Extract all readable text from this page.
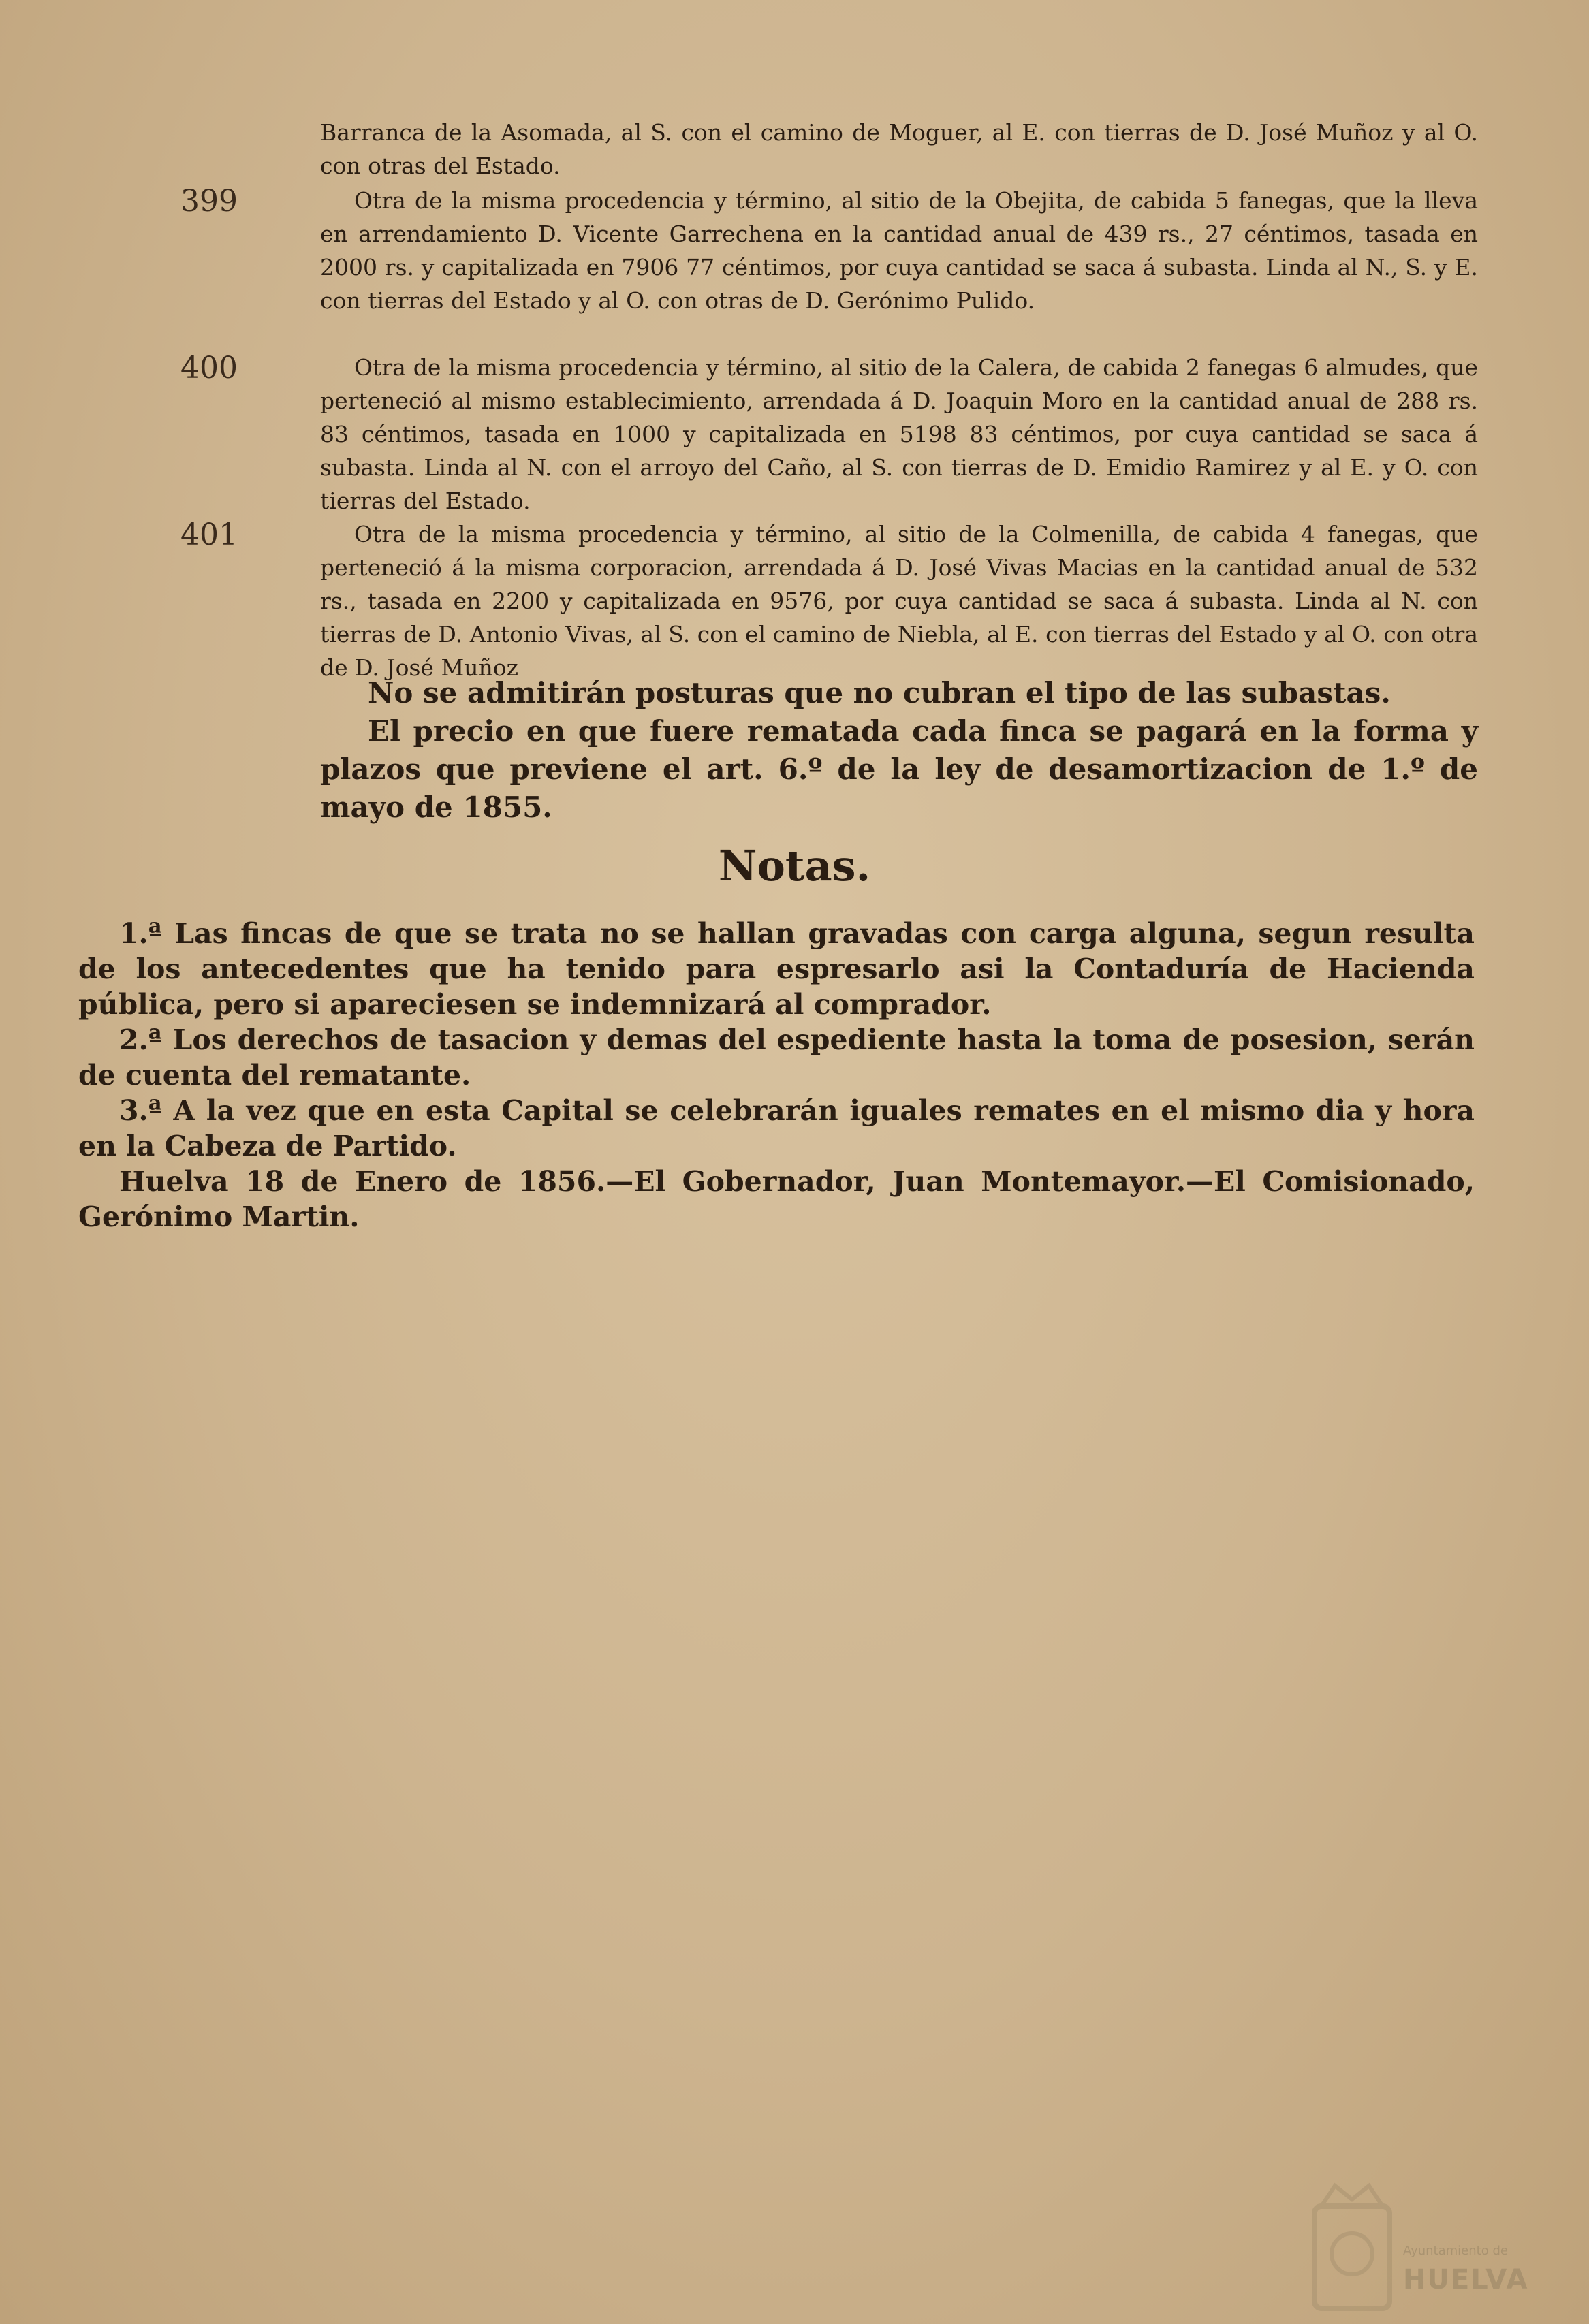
Barranca de la Asomada, al S. con el camino de Moguer, al E. con tierras de D. José Muñoz y al O. con otras del Estado.

399	Otra de la misma procedencia y término, al sitio de la Obejita, de cabida 5 fanegas, que la lleva en arrendamiento D. Vicente Garrechena en la cantidad anual de 439 rs., 27 céntimos, tasada en 2000 rs. y capitalizada en 7906 77 céntimos, por cuya cantidad se saca á subasta. Linda al N., S. y E. con tierras del Estado y al O. con otras de D. Gerónimo Pulido.

400	Otra de la misma procedencia y término, al sitio de la Calera, de cabida 2 fanegas 6 almudes, que perteneció al mismo establecimiento, arrendada á D. Joaquin Moro en la cantidad anual de 288 rs. 83 céntimos, tasada en 1000 y capitalizada en 5198 83 céntimos, por cuya cantidad se saca á subasta. Linda al N. con el arroyo del Caño, al S. con tierras de D. Emidio Ramirez y al E. y O. con tierras del Estado.

401	Otra de la misma procedencia y término, al sitio de la Colmenilla, de cabida 4 fanegas, que perteneció á la misma corporacion, arrendada á D. José Vivas Macias en la cantidad anual de 532 rs., tasada en 2200 y capitalizada en 9576, por cuya cantidad se saca á subasta. Linda al N. con tierras de D. Antonio Vivas, al S. con el camino de Niebla, al E. con tierras del Estado y al O. con otra de D. José Muñoz

No se admitirán posturas que no cubran el tipo de las subastas.

El precio en que fuere rematada cada finca se pagará en la forma y plazos que previene el art. 6.º de la ley de desamortizacion de 1.º de mayo de 1855.

Notas.

1.ª Las fincas de que se trata no se hallan gravadas con carga alguna, segun resulta de los antecedentes que ha tenido para espresarlo asi la Contaduría de Hacienda pública, pero si apareciesen se indemnizará al comprador.

2.ª Los derechos de tasacion y demas del espediente hasta la toma de posesion, serán de cuenta del rematante.

3.ª A la vez que en esta Capital se celebrarán iguales remates en el mismo dia y hora en la Cabeza de Partido.

Huelva 18 de Enero de 1856.—El Gobernador, Juan Montemayor.—El Comisionado, Gerónimo Martin.

Ayuntamiento de
HUELVA
